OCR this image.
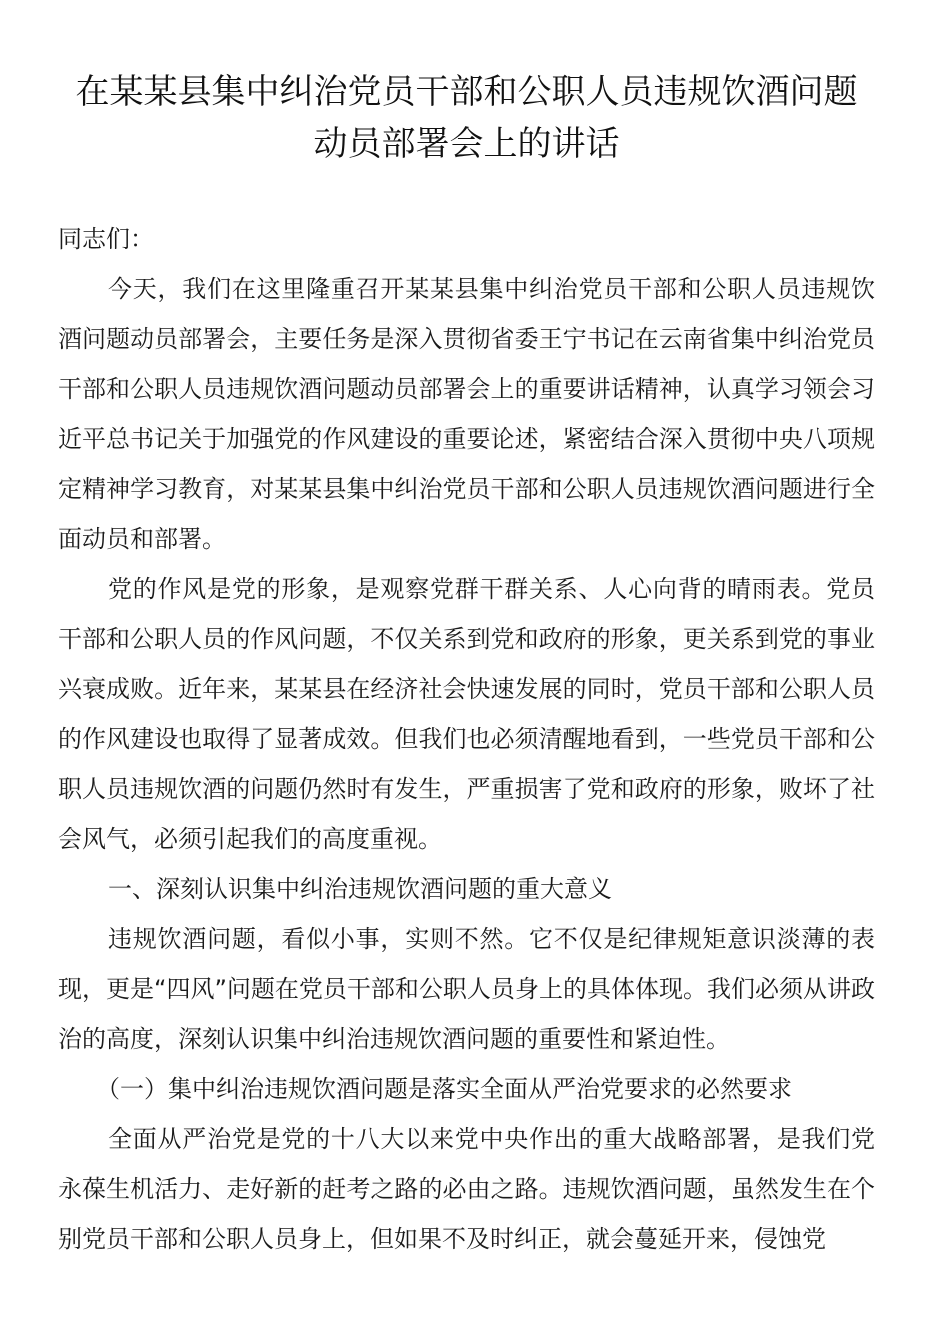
在某某县集中纠治党员干部和公职人员违规饮酒问题
动员部署会上的讲话

同志们：

今天，我们在这里隆重召开某某县集中纠治党员干部和公职人员违规饮酒问题动员部署会，主要任务是深入贯彻省委王宁书记在云南省集中纠治党员干部和公职人员违规饮酒问题动员部署会上的重要讲话精神，认真学习领会习近平总书记关于加强党的作风建设的重要论述，紧密结合深入贯彻中央八项规定精神学习教育，对某某县集中纠治党员干部和公职人员违规饮酒问题进行全面动员和部署。

党的作风是党的形象，是观察党群干群关系、人心向背的晴雨表。党员干部和公职人员的作风问题，不仅关系到党和政府的形象，更关系到党的事业兴衰成败。近年来，某某县在经济社会快速发展的同时，党员干部和公职人员的作风建设也取得了显著成效。但我们也必须清醒地看到，一些党员干部和公职人员违规饮酒的问题仍然时有发生，严重损害了党和政府的形象，败坏了社会风气，必须引起我们的高度重视。

一、深刻认识集中纠治违规饮酒问题的重大意义

违规饮酒问题，看似小事，实则不然。它不仅是纪律规矩意识淡薄的表现，更是“四风”问题在党员干部和公职人员身上的具体体现。我们必须从讲政治的高度，深刻认识集中纠治违规饮酒问题的重要性和紧迫性。

（一）集中纠治违规饮酒问题是落实全面从严治党要求的必然要求

全面从严治党是党的十八大以来党中央作出的重大战略部署，是我们党永葆生机活力、走好新的赶考之路的必由之路。违规饮酒问题，虽然发生在个别党员干部和公职人员身上，但如果不及时纠正，就会蔓延开来，侵蚀党
